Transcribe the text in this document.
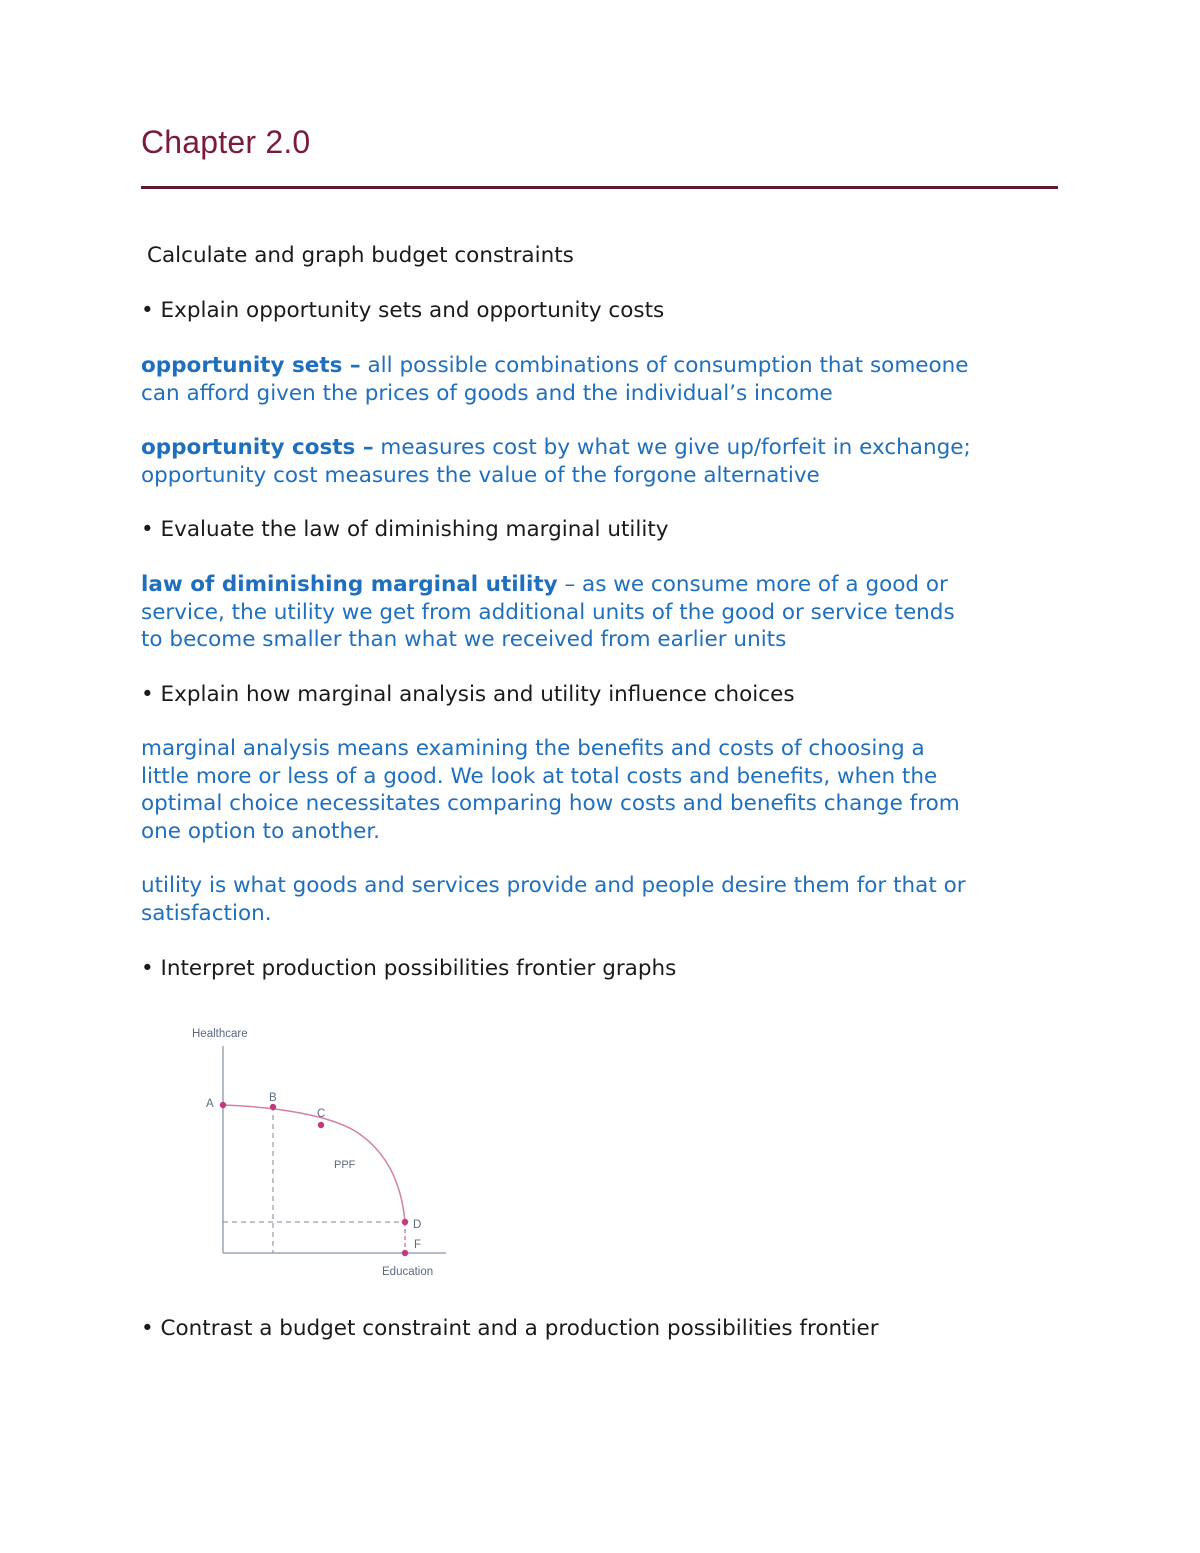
Chapter 2.0
Calculate and graph budget constraints
• Explain opportunity sets and opportunity costs
opportunity sets – all possible combinations of consumption that someone
can afford given the prices of goods and the individual’s income
opportunity costs – measures cost by what we give up/forfeit in exchange;
opportunity cost measures the value of the forgone alternative
• Evaluate the law of diminishing marginal utility
law of diminishing marginal utility – as we consume more of a good or
service, the utility we get from additional units of the good or service tends
to become smaller than what we received from earlier units
• Explain how marginal analysis and utility influence choices
marginal analysis means examining the benefits and costs of choosing a
little more or less of a good. We look at total costs and benefits, when the
optimal choice necessitates comparing how costs and benefits change from
one option to another.
utility is what goods and services provide and people desire them for that or
satisfaction.
• Interpret production possibilities frontier graphs
Healthcare
PPF
A	B
C
D
F
Education
• Contrast a budget constraint and a production possibilities frontier
